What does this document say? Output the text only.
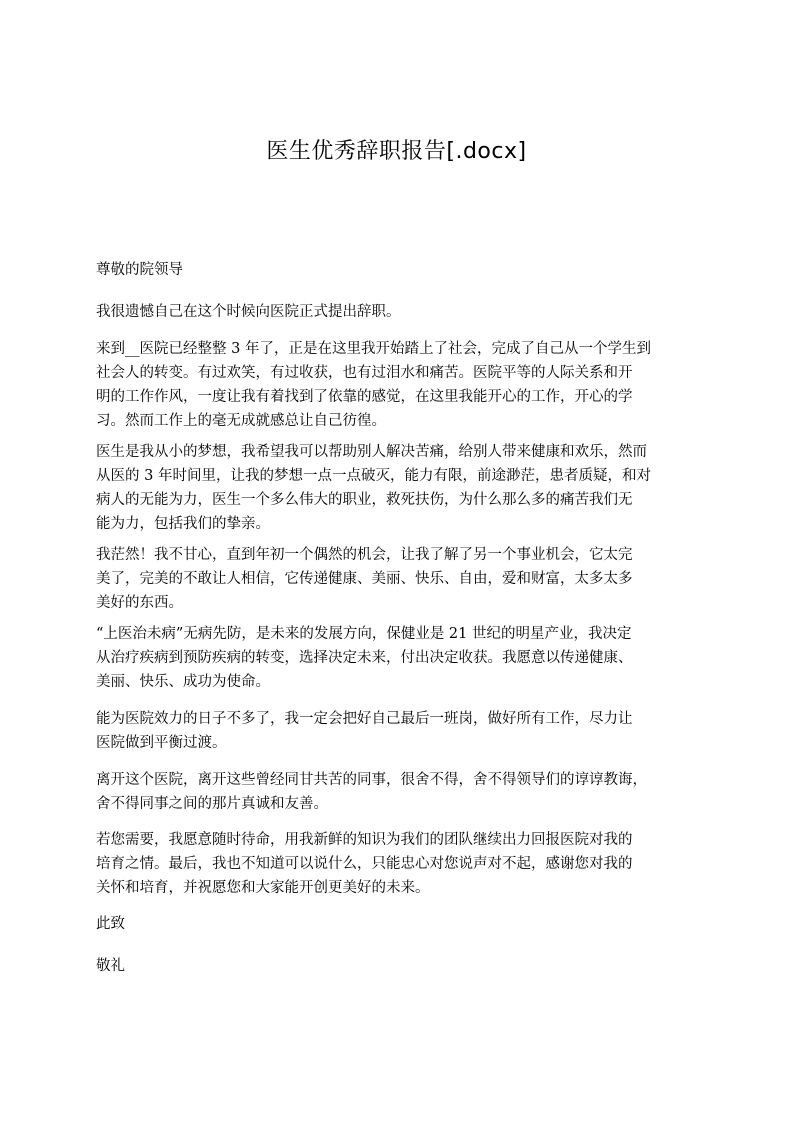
医生优秀辞职报告[.docx]

尊敬的院领导

我很遗憾自己在这个时候向医院正式提出辞职。
来到__医院已经整整 3 年了，正是在这里我开始踏上了社会，完成了自己从一个学生到
社会人的转变。有过欢笑，有过收获，也有过泪水和痛苦。医院平等的人际关系和开
明的工作作风，一度让我有着找到了依靠的感觉，在这里我能开心的工作，开心的学
习。然而工作上的毫无成就感总让自己彷徨。
医生是我从小的梦想，我希望我可以帮助别人解决苦痛，给别人带来健康和欢乐，然而
从医的 3 年时间里，让我的梦想一点一点破灭，能力有限，前途渺茫，患者质疑，和对
病人的无能为力，医生一个多么伟大的职业，救死扶伤，为什么那么多的痛苦我们无
能为力，包括我们的挚亲。
我茫然！我不甘心，直到年初一个偶然的机会，让我了解了另一个事业机会，它太完
美了，完美的不敢让人相信，它传递健康、美丽、快乐、自由，爱和财富，太多太多
美好的东西。
“上医治未病”无病先防，是未来的发展方向，保健业是 21 世纪的明星产业，我决定
从治疗疾病到预防疾病的转变，选择决定未来，付出决定收获。我愿意以传递健康、
美丽、快乐、成功为使命。
能为医院效力的日子不多了，我一定会把好自己最后一班岗，做好所有工作，尽力让
医院做到平衡过渡。
离开这个医院，离开这些曾经同甘共苦的同事，很舍不得，舍不得领导们的谆谆教诲，
舍不得同事之间的那片真诚和友善。
若您需要，我愿意随时待命，用我新鲜的知识为我们的团队继续出力回报医院对我的
培育之情。最后，我也不知道可以说什么，只能忠心对您说声对不起，感谢您对我的
关怀和培育，并祝愿您和大家能开创更美好的未来。

此致

敬礼
